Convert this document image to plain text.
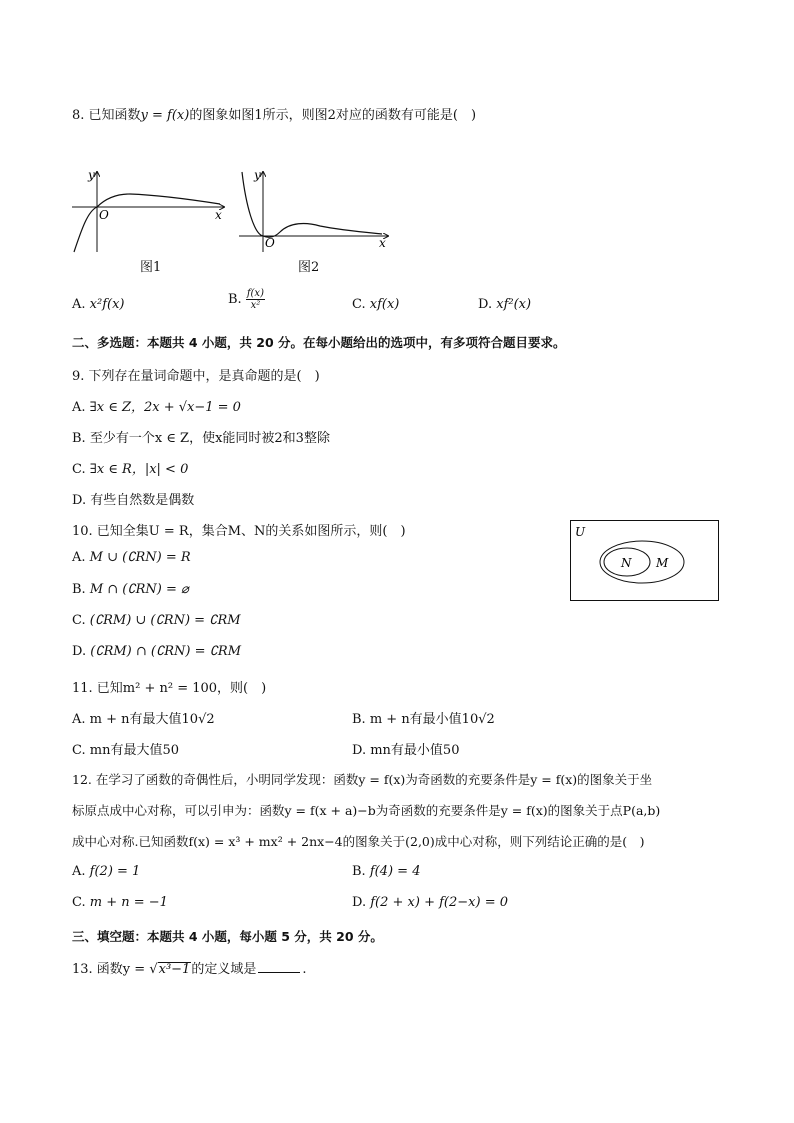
8. 已知函数y = f(x)的图象如图1所示，则图2对应的函数有可能是(　)
y
x
O
图1
y
x
O
图2
A. x²f(x)	B. $\frac{f(x)}{\text{x²}}$	C. xf(x)	D. xf²(x)
二、多选题：本题共 4 小题，共 20 分。在每小题给出的选项中，有多项符合题目要求。
9. 下列存在量词命题中，是真命题的是(　)
A. ∃x ∈ Z，2x + √x−1 = 0
B. 至少有一个x ∈ Z，使x能同时被2和3整除
C. ∃x ∈ R，|x| < 0
D. 有些自然数是偶数
10. 已知全集U = R，集合M、N的关系如图所示，则(　)
A. M ∪ (∁RN) = R
B. M ∩ (∁RN) = ⌀
C. (∁RM) ∪ (∁RN) = ∁RM
D. (∁RM) ∩ (∁RN) = ∁RM
U
N M
11. 已知m² + n² = 100，则(　)
A. m + n有最大值10√2	B. m + n有最小值10√2
C. mn有最大值50	D. mn有最小值50
12. 在学习了函数的奇偶性后，小明同学发现：函数y = f(x)为奇函数的充要条件是y = f(x)的图象关于坐
标原点成中心对称，可以引申为：函数y = f(x + a)−b为奇函数的充要条件是y = f(x)的图象关于点P(a,b)
成中心对称.已知函数f(x) = x³ + mx² + 2nx−4的图象关于(2,0)成中心对称，则下列结论正确的是(　)
A. f(2) = 1	B. f(4) = 4
C. m + n = −1	D. f(2 + x) + f(2−x) = 0
三、填空题：本题共 4 小题，每小题 5 分，共 20 分。
13. 函数y = √x³−1的定义域是	.
